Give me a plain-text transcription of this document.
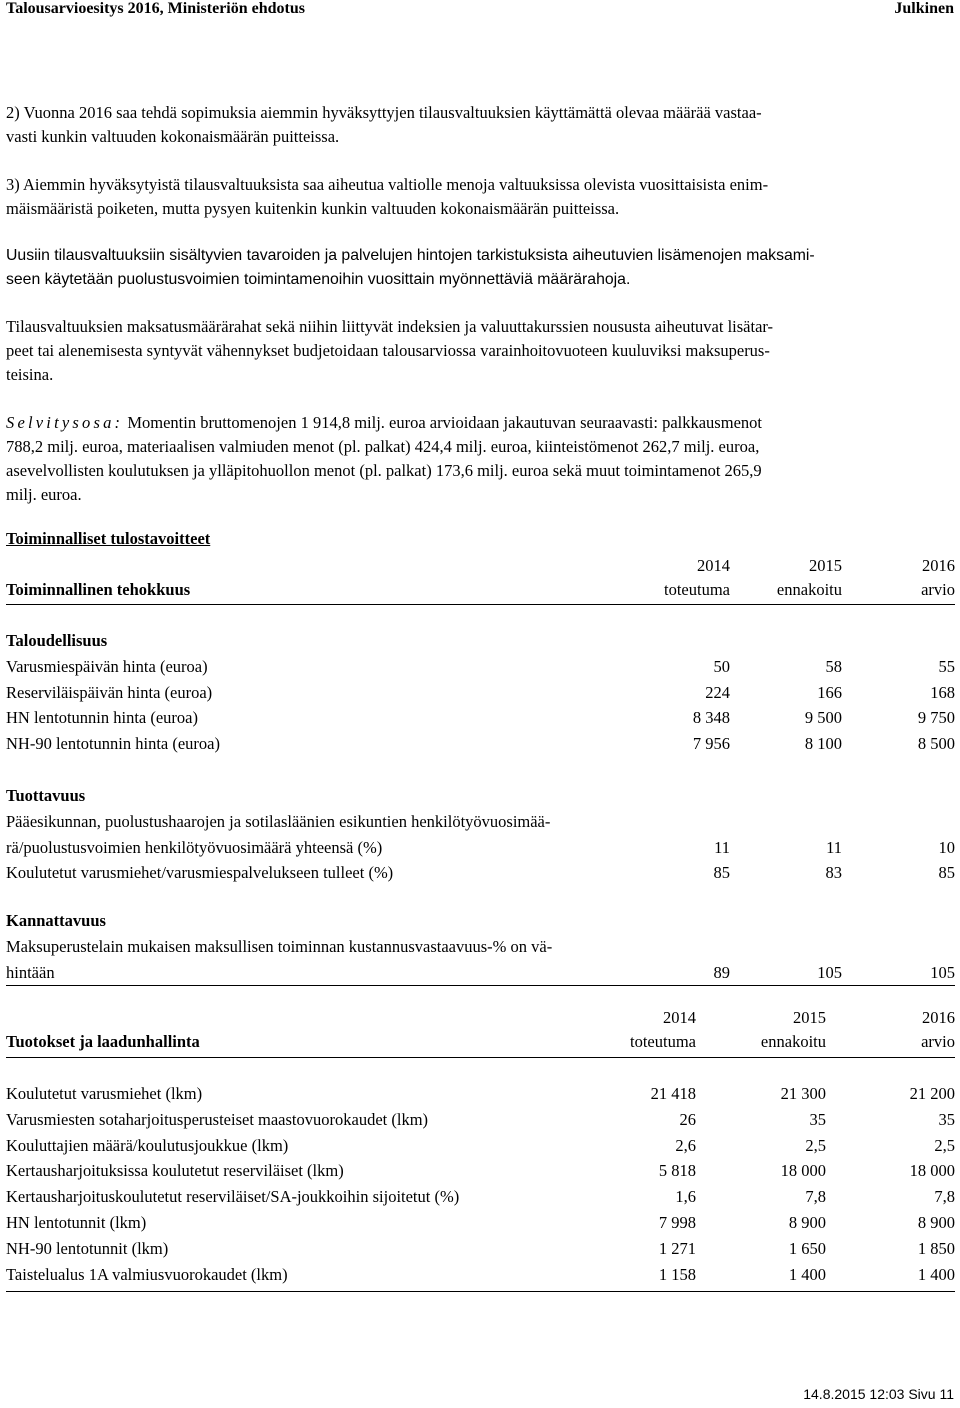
Talousarvioesitys 2016, Ministeriön ehdotus	Julkinen

2) Vuonna 2016 saa tehdä sopimuksia aiemmin hyväksyttyjen tilausvaltuuksien käyttämättä olevaa määrää vastaa-

vasti kunkin valtuuden kokonaismäärän puitteissa.

3) Aiemmin hyväksytyistä tilausvaltuuksista saa aiheutua valtiolle menoja valtuuksissa olevista vuosittaisista enim-

mäismääristä poiketen, mutta pysyen kuitenkin kunkin valtuuden kokonaismäärän puitteissa.

Uusiin tilausvaltuuksiin sisältyvien tavaroiden ja palvelujen hintojen tarkistuksista aiheutuvien lisämenojen maksami-

seen käytetään puolustusvoimien toimintamenoihin vuosittain myönnettäviä määrärahoja.

Tilausvaltuuksien maksatusmäärärahat sekä niihin liittyvät indeksien ja valuuttakurssien noususta aiheutuvat lisätar-

peet tai alenemisesta syntyvät vähennykset budjetoidaan talousarviossa varainhoitovuoteen kuuluviksi maksuperus-

teisina.

Selvitysosa: Momentin bruttomenojen 1 914,8 milj. euroa arvioidaan jakautuvan seuraavasti: palkkausmenot

788,2 milj. euroa, materiaalisen valmiuden menot (pl. palkat) 424,4 milj. euroa, kiinteistömenot 262,7 milj. euroa,

asevelvollisten koulutuksen ja ylläpitohuollon menot (pl. palkat) 173,6 milj. euroa sekä muut toimintamenot 265,9

milj. euroa.

Toiminnalliset tulostavoitteet
2014	2015	2016
Toiminnallinen tehokkuus	toteutuma	ennakoitu	arvio
Taloudellisuus
Varusmiespäivän hinta (euroa)	50	58	55
Reserviläispäivän hinta (euroa)	224	166	168
HN lentotunnin hinta (euroa)	8 348	9 500	9 750
NH-90 lentotunnin hinta (euroa)	7 956	8 100	8 500
Tuottavuus
Pääesikunnan, puolustushaarojen ja sotilasläänien esikuntien henkilötyövuosimää-
rä/puolustusvoimien henkilötyövuosimäärä yhteensä (%)	11	11	10
Koulutetut varusmiehet/varusmiespalvelukseen tulleet (%)	85	83	85
Kannattavuus
Maksuperustelain mukaisen maksullisen toiminnan kustannusvastaavuus-% on vä-
hintään	89	105	105
2014	2015	2016
Tuotokset ja laadunhallinta	toteutuma	ennakoitu	arvio
Koulutetut varusmiehet (lkm)	21 418	21 300	21 200
Varusmiesten sotaharjoitusperusteiset maastovuorokaudet (lkm)	26	35	35
Kouluttajien määrä/koulutusjoukkue (lkm)	2,6	2,5	2,5
Kertausharjoituksissa koulutetut reserviläiset (lkm)	5 818	18 000	18 000
Kertausharjoituskoulutetut reserviläiset/SA-joukkoihin sijoitetut (%)	1,6	7,8	7,8
HN lentotunnit (lkm)	7 998	8 900	8 900
NH-90 lentotunnit (lkm)	1 271	1 650	1 850
Taistelualus 1A valmiusvuorokaudet (lkm)	1 158	1 400	1 400
14.8.2015 12:03 Sivu 11
